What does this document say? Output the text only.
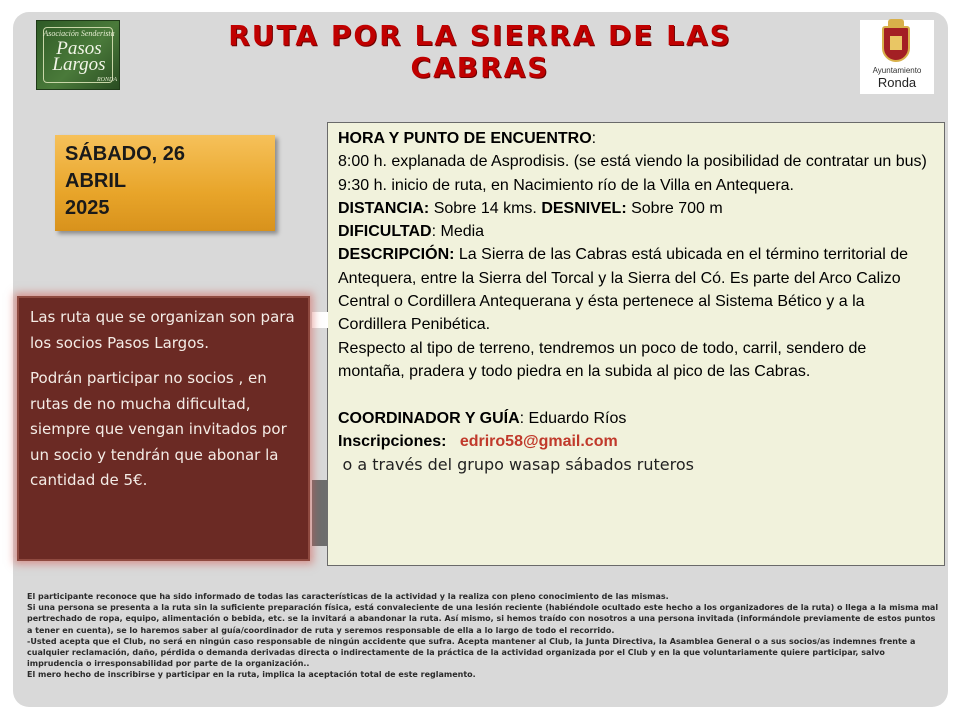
Asociación Senderista
Pasos
Largos
RONDA
Ayuntamiento
Ronda
RUTA POR LA SIERRA DE LAS CABRAS
SÁBADO, 26
ABRIL
2025

HORA Y PUNTO DE ENCUENTRO:

8:00 h. explanada de Asprodisis. (se está viendo la posibilidad de contratar un bus)

9:30 h. inicio de ruta, en Nacimiento río de la Villa en Antequera.

DISTANCIA: Sobre 14 kms. DESNIVEL: Sobre 700 m

DIFICULTAD: Media

DESCRIPCIÓN: La Sierra de las Cabras está ubicada en el término territorial de Antequera, entre la Sierra del Torcal y la Sierra del Có. Es parte del Arco Calizo Central o Cordillera Antequerana y ésta pertenece al Sistema Bético y a la Cordillera Penibética.

Respecto al tipo de terreno, tendremos un poco de todo, carril, sendero de montaña, pradera y todo piedra en la subida al pico de las Cabras.

COORDINADOR Y GUÍA: Eduardo Ríos

Inscripciones: edriro58@gmail.com

o a través del grupo wasap sábados ruteros

Las ruta que se organizan son para los socios Pasos Largos.

Podrán participar no socios , en rutas de no mucha dificultad, siempre que vengan invitados por un socio y tendrán que abonar la cantidad de 5€.

El participante reconoce que ha sido informado de todas las características de la actividad y la realiza con pleno conocimiento de las mismas.

Si una persona se presenta a la ruta sin la suficiente preparación física, está convaleciente de una lesión reciente (habiéndole ocultado este hecho a los organizadores de la ruta) o llega a la misma mal pertrechado de ropa, equipo, alimentación o bebida, etc. se la invitará a abandonar la ruta. Así mismo, si hemos traído con nosotros a una persona invitada (informándole previamente de estos puntos a tener en cuenta), se lo haremos saber al guía/coordinador de ruta y seremos responsable de ella a lo largo de todo el recorrido.

-Usted acepta que el Club, no será en ningún caso responsable de ningún accidente que sufra. Acepta mantener al Club, la Junta Directiva, la Asamblea General o a sus socios/as indemnes frente a cualquier reclamación, daño, pérdida o demanda derivadas directa o indirectamente de la práctica de la actividad organizada por el Club y en la que voluntariamente quiere participar, salvo imprudencia o irresponsabilidad por parte de la organización..

El mero hecho de inscribirse y participar en la ruta, implica la aceptación total de este reglamento.
